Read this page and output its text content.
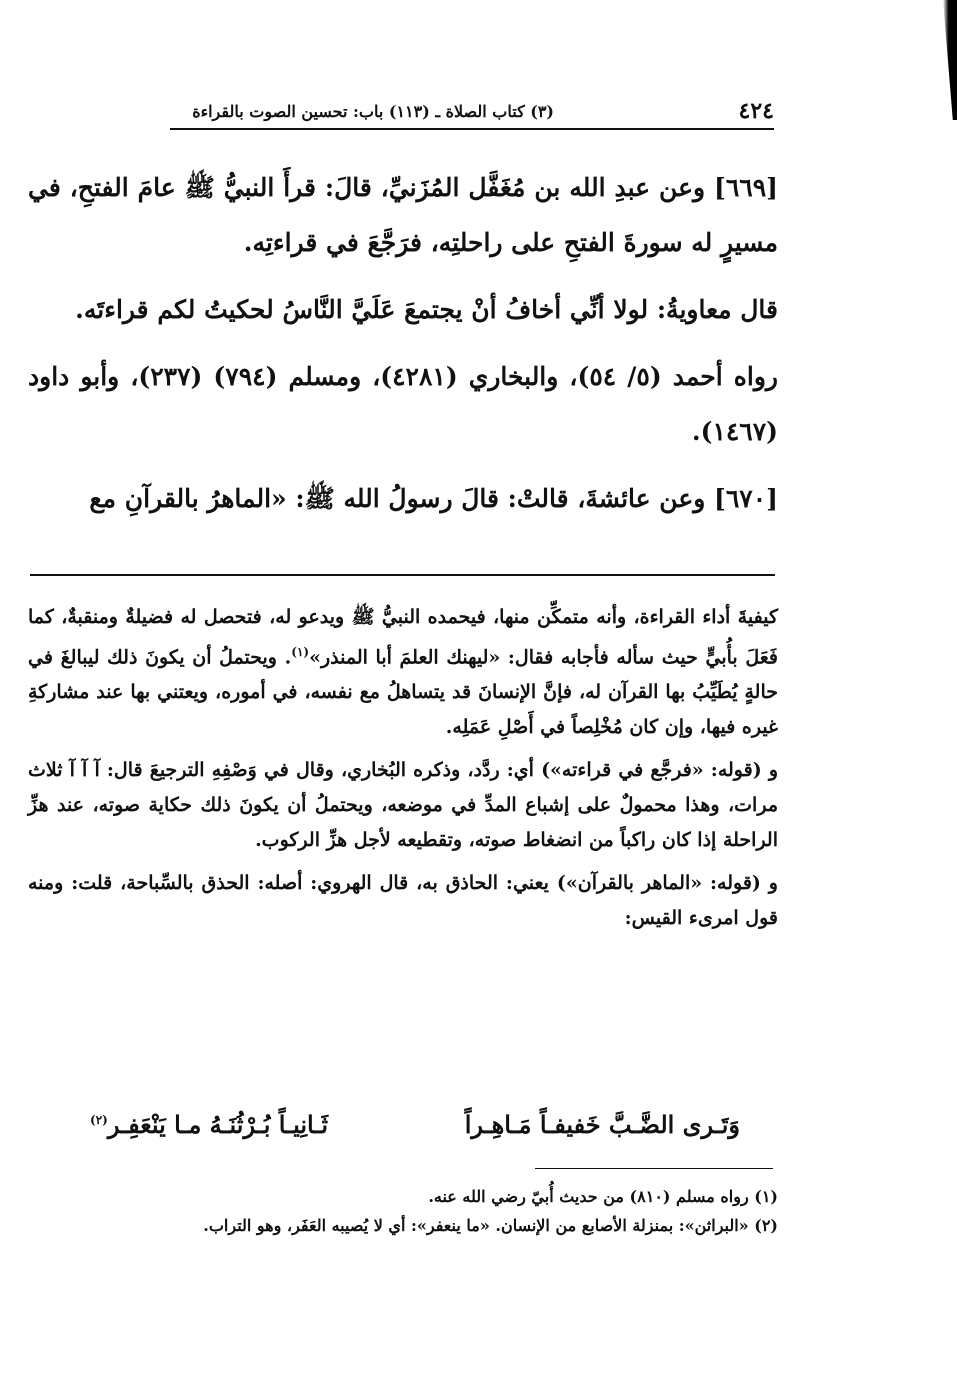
٤٢٤
(٣) كتاب الصلاة ـ (١١٣) باب: تحسين الصوت بالقراءة

[٦٦٩] وعن عبدِ الله بن مُغَفَّل المُزَنيِّ، قالَ: قرأَ النبيُّ ﷺ عامَ الفتحِ، في مسيرٍ له سورةَ الفتحِ على راحلتِه، فرَجَّعَ في قراءتِه.

قال معاويةُ: لولا أنِّي أخافُ أنْ يجتمعَ عَلَيَّ النَّاسُ لحكيتُ لكم قراءتَه.

رواه أحمد (٥/ ٥٤)، والبخاري (٤٢٨١)، ومسلم (٧٩٤) (٢٣٧)، وأبو داود (١٤٦٧).

[٦٧٠] وعن عائشةَ، قالتْ: قالَ رسولُ الله ﷺ: «الماهرُ بالقرآنِ مع

كيفيةَ أداء القراءة، وأنه متمكِّن منها، فيحمده النبيُّ ﷺ ويدعو له، فتحصل له فضيلةٌ ومنقبةٌ، كما فَعَلَ بأُبيٍّ حيث سأله فأجابه فقال: «ليهنك العلمَ أبا المنذر»$^{(١)}$. ويحتملُ أن يكونَ ذلك ليبالغَ في حالةٍ يُطَيِّبُ بها القرآن له، فإنَّ الإنسانَ قد يتساهلُ مع نفسه، في أموره، ويعتني بها عند مشاركةِ غيره فيها، وإن كان مُخْلِصاً في أَصْلِ عَمَلِه.

و (قوله: «فرجَّع في قراءته») أي: ردَّد، وذكره البُخاري، وقال في وَصْفِهِ الترجيعَ قال: آ آ آ ثلاث مرات، وهذا محمولٌ على إشباع المدِّ في موضعه، ويحتملُ أن يكونَ ذلك حكاية صوته، عند هزِّ الراحلة إذا كان راكباً من انضغاط صوته، وتقطيعه لأجل هزِّ الركوب.

و (قوله: «الماهر بالقرآن») يعني: الحاذق به، قال الهروي: أصله: الحذق بالسِّباحة، قلت: ومنه قول امرىء القيس:

وَتَـرى الضَّـبَّ خَفيفـاً مَـاهِـراً
ثَـانِيـاً بُـرْثُنَـهُ مـا يَنْعَفِـر$^{(٢)}$
(١) رواه مسلم (٨١٠) من حديث أُبيّ رضي الله عنه.
(٢) «البراثن»: بمنزلة الأصابع من الإنسان. «ما ينعفر»: أي لا يُصيبه العَفَر، وهو التراب.
